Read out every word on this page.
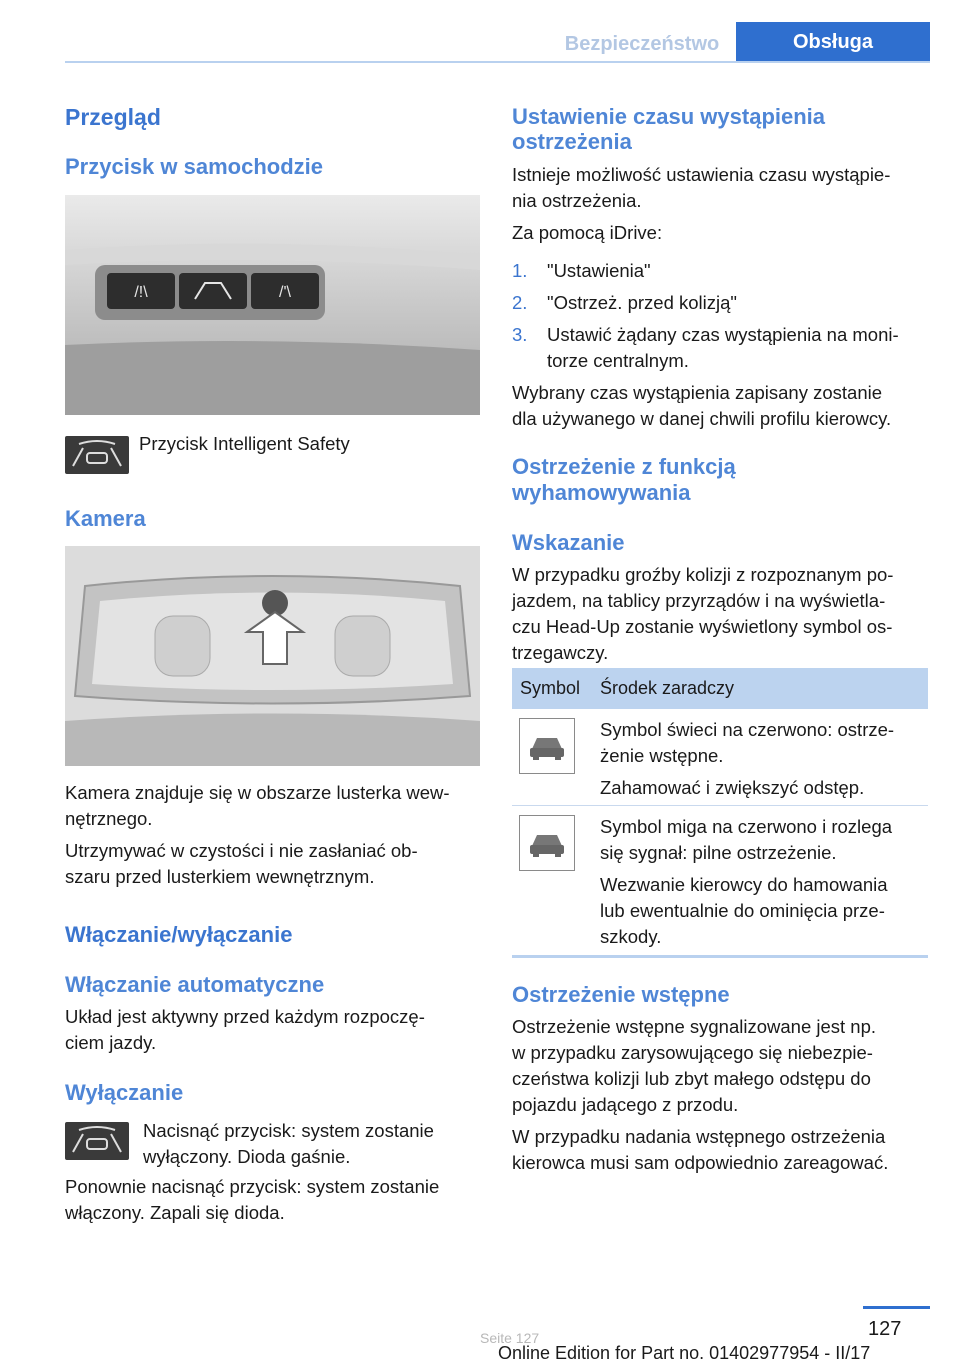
Bezpieczeństwo	Obsługa
Przegląd
Przycisk w samochodzie
/!\	/'\
Przycisk Intelligent Safety
Kamera
Kamera znajduje się w obszarze lusterka wew‐
nętrznego.
Utrzymywać w czystości i nie zasłaniać ob‐
szaru przed lusterkiem wewnętrznym.
Włączanie/wyłączanie
Włączanie automatyczne
Układ jest aktywny przed każdym rozpoczę‐
ciem jazdy.
Wyłączanie
Nacisnąć przycisk: system zostanie
wyłączony. Dioda gaśnie.
Ponownie nacisnąć przycisk: system zostanie
włączony. Zapali się dioda.
Ustawienie czasu wystąpienia
ostrzeżenia
Istnieje możliwość ustawienia czasu wystąpie‐
nia ostrzeżenia.
Za pomocą iDrive:
1. "Ustawienia"
2. "Ostrzeż. przed kolizją"
3. Ustawić żądany czas wystąpienia na moni‐
torze centralnym.
Wybrany czas wystąpienia zapisany zostanie
dla używanego w danej chwili profilu kierowcy.
Ostrzeżenie z funkcją
wyhamowywania
Wskazanie
W przypadku groźby kolizji z rozpoznanym po‐
jazdem, na tablicy przyrządów i na wyświetla‐
czu Head-Up zostanie wyświetlony symbol os‐
trzegawczy.
Symbol Środek zaradczy
Symbol świeci na czerwono: ostrze‐
żenie wstępne.
Zahamować i zwiększyć odstęp.
Symbol miga na czerwono i rozlega
się sygnał: pilne ostrzeżenie.
Wezwanie kierowcy do hamowania
lub ewentualnie do ominięcia prze‐
szkody.
Ostrzeżenie wstępne
Ostrzeżenie wstępne sygnalizowane jest np.
w przypadku zarysowującego się niebezpie‐
czeństwa kolizji lub zbyt małego odstępu do
pojazdu jadącego z przodu.
W przypadku nadania wstępnego ostrzeżenia
kierowca musi sam odpowiednio zareagować.
127
Seite 127
Online Edition for Part no. 01402977954 - II/17
